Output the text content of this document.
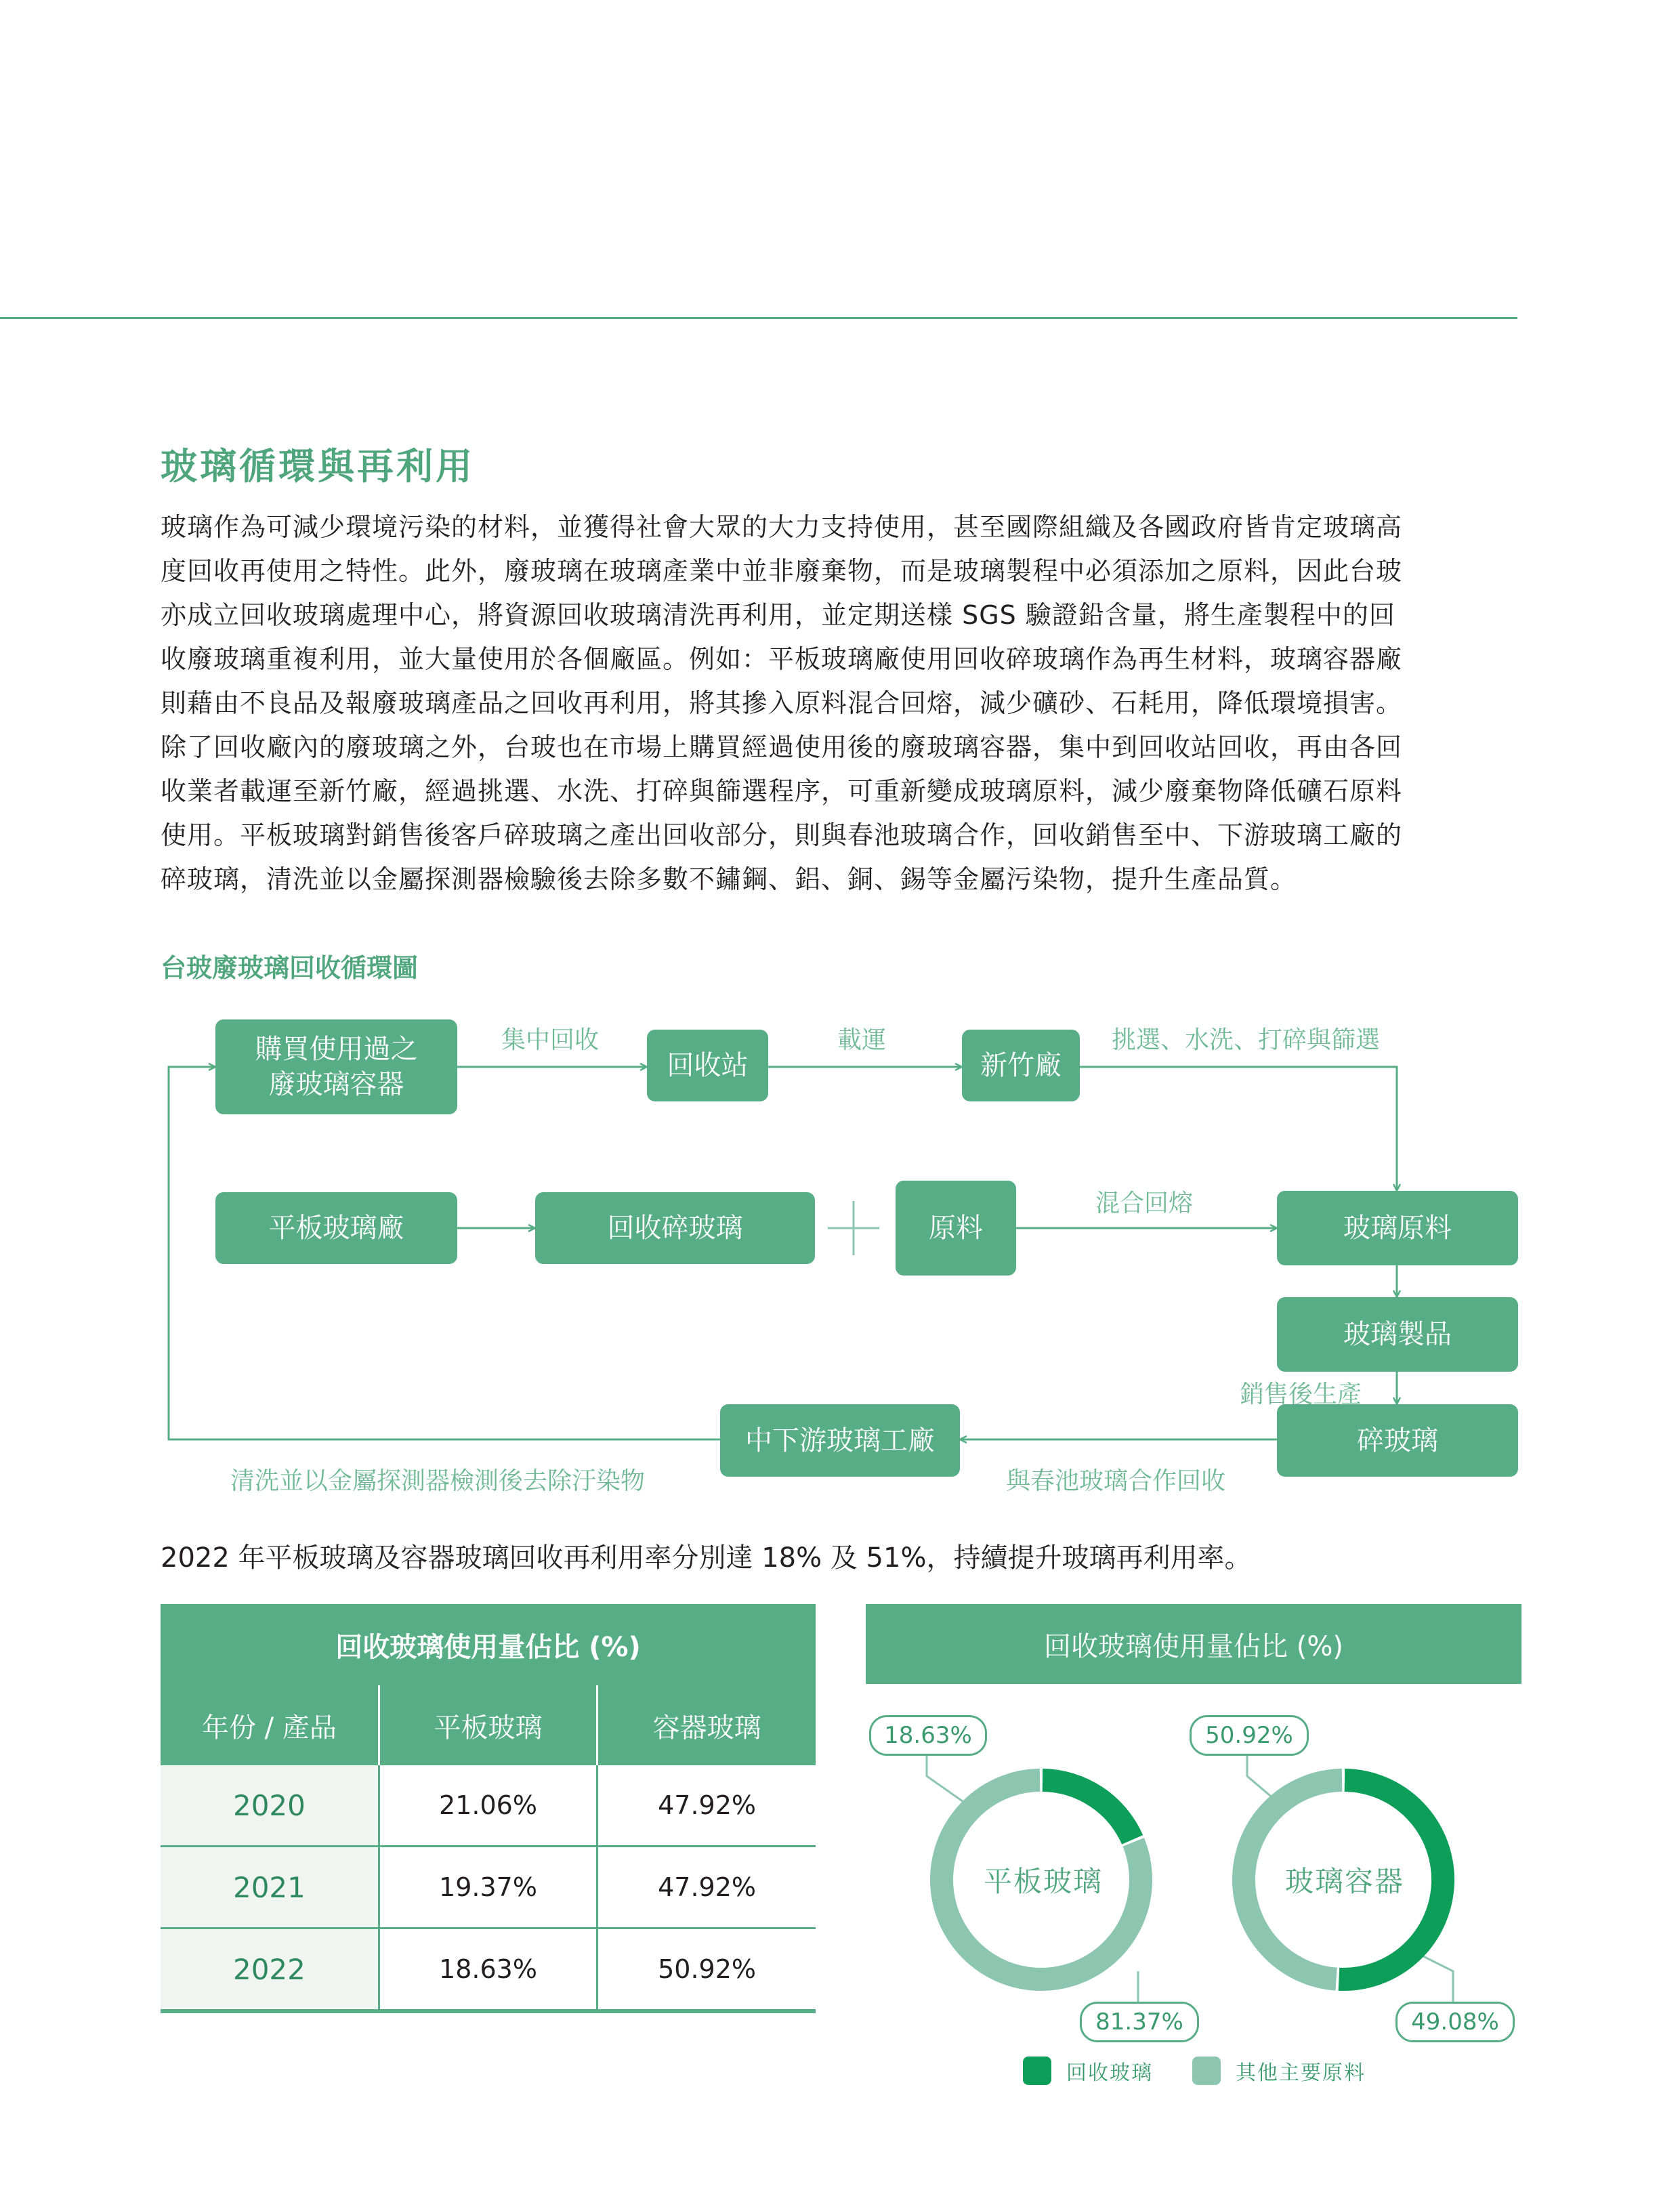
玻璃循環與再利用
玻璃作為可減少環境污染的材料，並獲得社會大眾的大力支持使用，甚至國際組織及各國政府皆肯定玻璃高
度回收再使用之特性。此外，廢玻璃在玻璃產業中並非廢棄物，而是玻璃製程中必須添加之原料，因此台玻
亦成立回收玻璃處理中心，將資源回收玻璃清洗再利用，並定期送樣 SGS 驗證鉛含量，將生產製程中的回
收廢玻璃重複利用，並大量使用於各個廠區。例如：平板玻璃廠使用回收碎玻璃作為再生材料，玻璃容器廠
則藉由不良品及報廢玻璃產品之回收再利用，將其摻入原料混合回熔，減少礦砂、石耗用，降低環境損害。
除了回收廠內的廢玻璃之外，台玻也在市場上購買經過使用後的廢玻璃容器，集中到回收站回收，再由各回
收業者載運至新竹廠，經過挑選、水洗、打碎與篩選程序，可重新變成玻璃原料，減少廢棄物降低礦石原料
使用。平板玻璃對銷售後客戶碎玻璃之產出回收部分，則與春池玻璃合作，回收銷售至中、下游玻璃工廠的
碎玻璃，清洗並以金屬探測器檢驗後去除多數不鏽鋼、鋁、銅、錫等金屬污染物，提升生產品質。
台玻廢玻璃回收循環圖
購買使用過之
廢玻璃容器
回收站	新竹廠
平板玻璃廠	回收碎玻璃	原料	玻璃原料
玻璃製品
碎玻璃
中下游玻璃工廠
集中回收	載運	挑選、水洗、打碎與篩選
混合回熔
銷售後生產
與春池玻璃合作回收
清洗並以金屬探測器檢測後去除汙染物
2022 年平板玻璃及容器玻璃回收再利用率分別達 18% 及 51%，持續提升玻璃再利用率。
回收玻璃使用量佔比 (%)		
年份 / 產品	平板玻璃	容器玻璃
2020	21.06%	47.92%
2021	19.37%	47.92%
2022	18.63%	50.92%
回收玻璃使用量佔比 (%)
18.63%
81.37%
50.92%
49.08%
平板玻璃	玻璃容器
回收玻璃	其他主要原料
